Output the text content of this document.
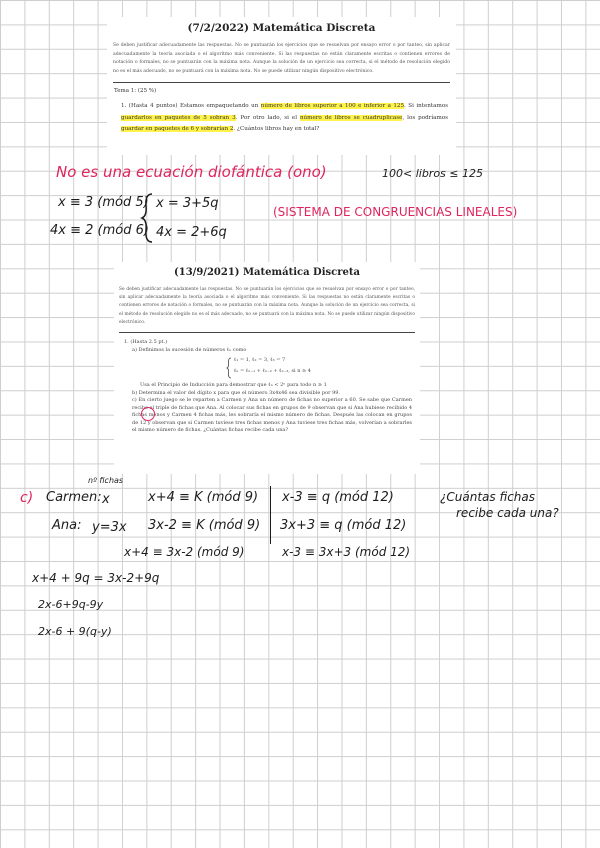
(7/2/2022) Matemática Discreta
Se deben justificar adecuadamente las respuestas. No se puntuarán los ejercicios que se resuelvan por ensayo error o por tanteo, sin aplicar adecuadamente la teoría asociada o el algoritmo más conveniente. Si las respuestas no están claramente escritas o contienen errores de notación o formales, no se puntuarán con la máxima nota. Aunque la solución de un ejercicio sea correcta, si el método de resolución elegido no es el más adecuado, no se puntuará con la máxima nota. No se puede utilizar ningún dispositivo electrónico.
Tema 1: (25 %)
1. (Hasta 4 puntos) Estamos empaquetando un número de libros superior a 100 e inferior a 125. Si intentamos guardarlos en paquetes de 5 sobran 3. Por otro lado, si el número de libros se cuadruplicase, los podríamos guardar en paquetes de 6 y sobrarían 2. ¿Cuántos libros hay en total?
No es una ecuación diofántica (ono)	100< libros ≤ 125
x ≡ 3 (mód 5)
4x ≡ 2 (mód 6)
x = 3+5q
4x = 2+6q
(SISTEMA DE CONGRUENCIAS LINEALES)
(13/9/2021) Matemática Discreta
Se deben justificar adecuadamente las respuestas. No se puntuarán los ejercicios que se resuelvan por ensayo error o por tanteo, sin aplicar adecuadamente la teoría asociada o el algoritmo más conveniente. Si las respuestas no están claramente escritas o contienen errores de notación o formales, no se puntuarán con la máxima nota. Aunque la solución de un ejercicio sea correcta, si el método de resolución elegido no es el más adecuado, no se puntuará con la máxima nota. No se puede utilizar ningún dispositivo electrónico.
1. (Hasta 2.5 pt.)
a) Definimos la sucesión de números ℓₙ como
ℓ₁ = 1, ℓ₂ = 3, ℓ₃ = 7
ℓₙ = ℓₙ₋₁ + ℓₙ₋₂ + ℓₙ₋₃, si n ≥ 4
Usa el Principio de Inducción para demostrar que ℓₙ < 2ⁿ para todo n ≥ 1
b) Determina el valor del dígito x para que el número 3x4x46 sea divisible por 99.
c) En cierto juego se le reparten a Carmen y Ana un número de fichas no superior a 60. Se sabe que Carmen recibe el triple de fichas que Ana. Al colocar sus fichas en grupos de 9 observan que si Ana hubiese recibido 4 fichas menos y Carmen 4 fichas más, les sobraría el mismo número de fichas. Después las colocan en grupos de 12 y observan que si Carmen tuviese tres fichas menos y Ana tuviese tres fichas más, volverían a sobrarles el mismo número de fichas. ¿Cuántas fichas recibe cada una?
c)
nº fichas
Carmen: x
Ana: y=3x
x+4 ≡ K (mód 9)
3x-2 ≡ K (mód 9)
x-3 ≡ q (mód 12)
3x+3 ≡ q (mód 12)
¿Cuántas fichas
recibe cada una?
x+4 ≡ 3x-2 (mód 9)	x-3 ≡ 3x+3 (mód 12)
x+4 + 9q = 3x-2+9q
2x-6+9q-9y
2x-6 + 9(q-y)
